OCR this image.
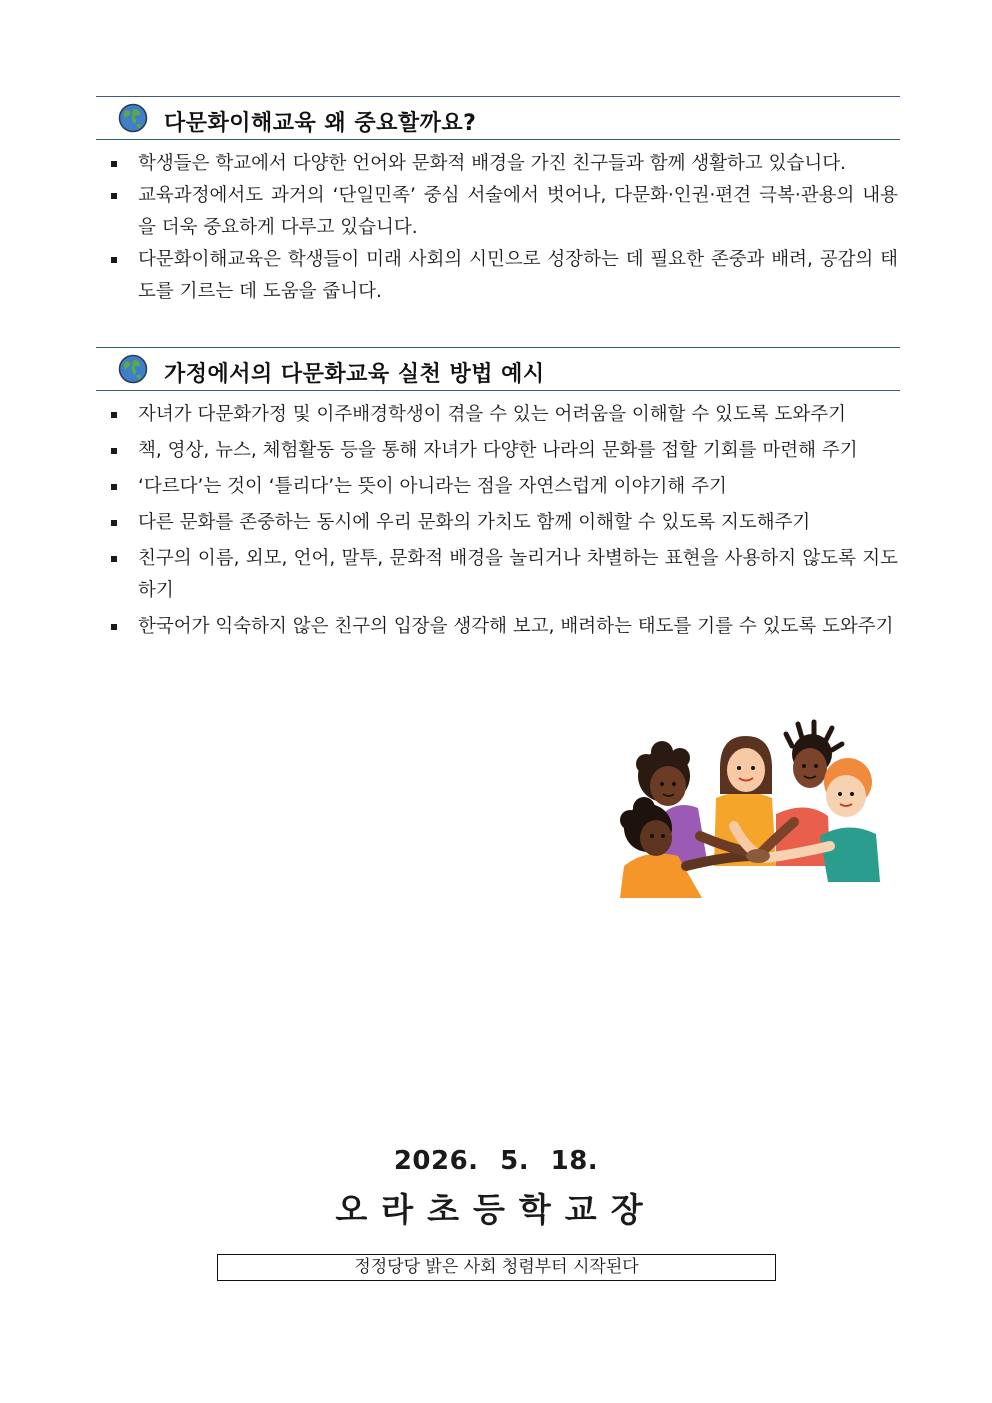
다문화이해교육 왜 중요할까요?
학생들은 학교에서 다양한 언어와 문화적 배경을 가진 친구들과 함께 생활하고 있습니다.
교육과정에서도 과거의 ‘단일민족’ 중심 서술에서 벗어나, 다문화·인권·편견 극복·관용의 내용을 더욱 중요하게 다루고 있습니다.
다문화이해교육은 학생들이 미래 사회의 시민으로 성장하는 데 필요한 존중과 배려, 공감의 태도를 기르는 데 도움을 줍니다.
가정에서의 다문화교육 실천 방법 예시
자녀가 다문화가정 및 이주배경학생이 겪을 수 있는 어려움을 이해할 수 있도록 도와주기
책, 영상, 뉴스, 체험활동 등을 통해 자녀가 다양한 나라의 문화를 접할 기회를 마련해 주기
‘다르다’는 것이 ‘틀리다’는 뜻이 아니라는 점을 자연스럽게 이야기해 주기
다른 문화를 존중하는 동시에 우리 문화의 가치도 함께 이해할 수 있도록 지도해주기
친구의 이름, 외모, 언어, 말투, 문화적 배경을 놀리거나 차별하는 표현을 사용하지 않도록 지도하기
한국어가 익숙하지 않은 친구의 입장을 생각해 보고, 배려하는 태도를 기를 수 있도록 도와주기
2026. 5. 18.
오라초등학교장
정정당당 밝은 사회 청렴부터 시작된다
